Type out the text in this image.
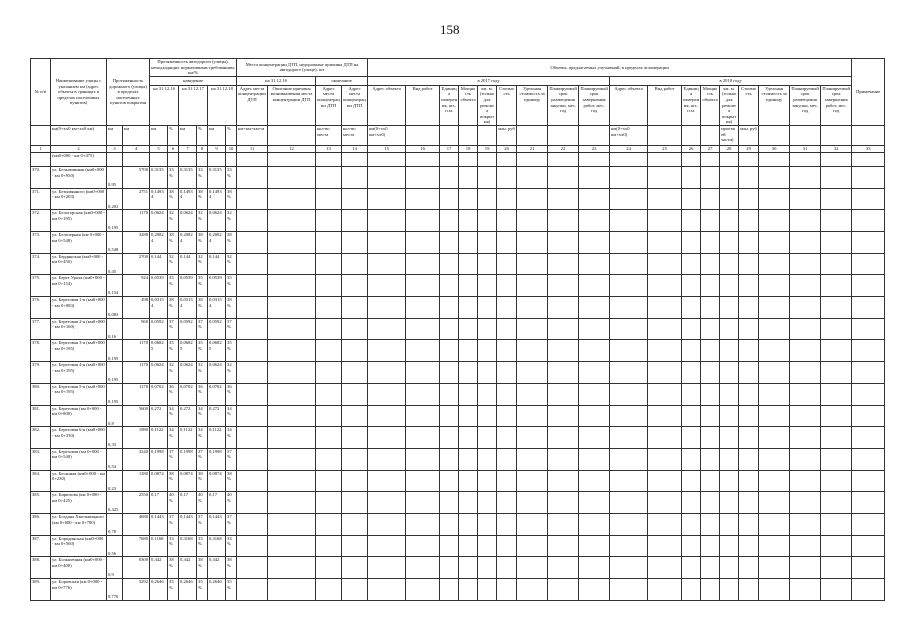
158
№ п/п	Наименование улицы с указанием км (адрес объекта в границах в пределах населенных пунктов)	Протяженность дорожного (улицы) в пределах населенных пунктов покрытия		Протяженность автодороги (улицы), неподходящих нормативным требованиям, км/%						Места концентрации ДТП, недорожные причины ДТП на автодороге (улице), шт				Объемы, предлагаемых улучшений, в пределах агломерации																		Примечание
				наведение						на 31.12.16		окончание		в 2017 году									в 2018 году									
				на 31.12.16		на 31.12.17		на 31.12.18		Адрес места концентрации ДТП	Описание причины возникновения места концентрации ДТП	Адрес места концентрации ДТП	Адрес места концентрации ДТП	Адрес объекта	Вид работ	Единица измерения, шт., п.м.	Мощность объекта	км. м. (только для ремонта покрытия)	Стоимость	Удельная стоимость за единицу	Планируемый срок размещения закупки, мес. год	Планируемый срок завершения работ, мес. год	Адрес объекта	Вид работ	Единица измерения, шт., п.м.	Мощность объекта	км. м. (только для ремонта покрытия)	Стоимость	Удельная стоимость за единицу	Планируемый срок размещения закупки, мес. год	Планируемый срок завершения работ, мес. год	
	км(0+хх0 км+хх0 км)	км	км	км	%	км	%	км	%	км+км+км+м		кол-во места	кол-во места	км(0+хх0 км+хх0)					млн. руб				км(0+хх0 км+хх0)				проезжей части)	млн. руб				
1	2	3	4	5	6	7	8	9	10	11	12	13	14	15	16	17	18	19	20	21	22	23	24	25	26	27	28	29	30	31	32	33
	(км0+000 - км 0+475)																															
370.	ул. Бельаминная (км0+000 - км 0+950)	0,95	5700	0,3135	33%	0,3135	33%	0,3135	33%																							
371.	ул. Безымянного (км0+000 - км 0+203)	0,203	2751	0,1493 4	38%	0,1493 4	38%	0,1493 4	38%																							
372.	ул. Белогорская (км0+000 - км 0+195)	0,195	1170	0,0624	32%	0,0624	32%	0,0624	32%																							
373.	ул. Белозерная (км 0+000 - км 0+548)	0,548	3288	0,2082 4	38%	0,2082 4	38%	0,2082 4	38%																							
374.	ул. Бердянская (км0+000 - км 0+450)	0,45	2700	0,144	32%	0,144	32%	0,144	32%																							
375.	ул. Берег Урала (км0+000 - км 0+154)	0,154	924	0,0539	35%	0,0539	35%	0,0539	35%																							
376.	ул. Береговая 1-я (км0+000 - км 0+083)	0,083	498	0,0315 4	38%	0,0315 4	38%	0,0315 4	38%																							
377.	ул. Береговая 2-я (км0+000 - км 0+160)	0,16	960	0,0592	37%	0,0592	37%	0,0592	37%																							
378.	ул. Береговая 3-я (км0+000 - км 0+195)	0,195	1170	0,0682 5	35%	0,0682 5	35%	0,0682 5	35%																							
379.	ул. Береговая 4-я (км0+000 - км 0+195)	0,195	1170	0,0624	32%	0,0624	32%	0,0624	32%																							
380.	ул. Береговая 5-я (км0+000 - км 0+195)	0,195	1170	0,0702	36%	0,0702	36%	0,0702	36%																							
381.	ул. Береговая (км 0+000 - км 0+800)	0,8	5600	0,272	34%	0,272	34%	0,272	34%																							
382.	ул. Береговая 6-я (км0+000 - км 0+330)	0,33	1980	0,1122	34%	0,1122	34%	0,1122	34%																							
383.	ул. Березовая (км 0+000 - км 0+540)	0,54	3240	0,1998	37%	0,1998	37%	0,1998	37%																							
384.	ул. Бесконая (км0+000 - км 0+230)	0,23	1380	0,0874	38%	0,0874	38%	0,0874	38%																							
385.	ул. Бирюзова (км 0+000 - км 0+425)	0,425	2550	0,17	40%	0,17	40%	0,17	40%																							
386.	ул. Богдана Хмельницкого (км 0+000 - км 0+780)	0,78	4680	0,1443	37%	0,1443	37%	0,1443	37%																							
387.	ул. Бородинская (км0+000 - км 0+560)	0,56	7680	0,1168	33%	0,3168	33%	0,3168	33%																							
388.	ул. Большечная (км0+000 - км 0+400)	0,9	0300	0,342	38%	0,342	38%	0,342	38%																							
389.	ул. Боровская (км 0+000 - км 0+776)	0,776	5292	0,2646	35%	0,2646	35%	0,2646	35%																							
